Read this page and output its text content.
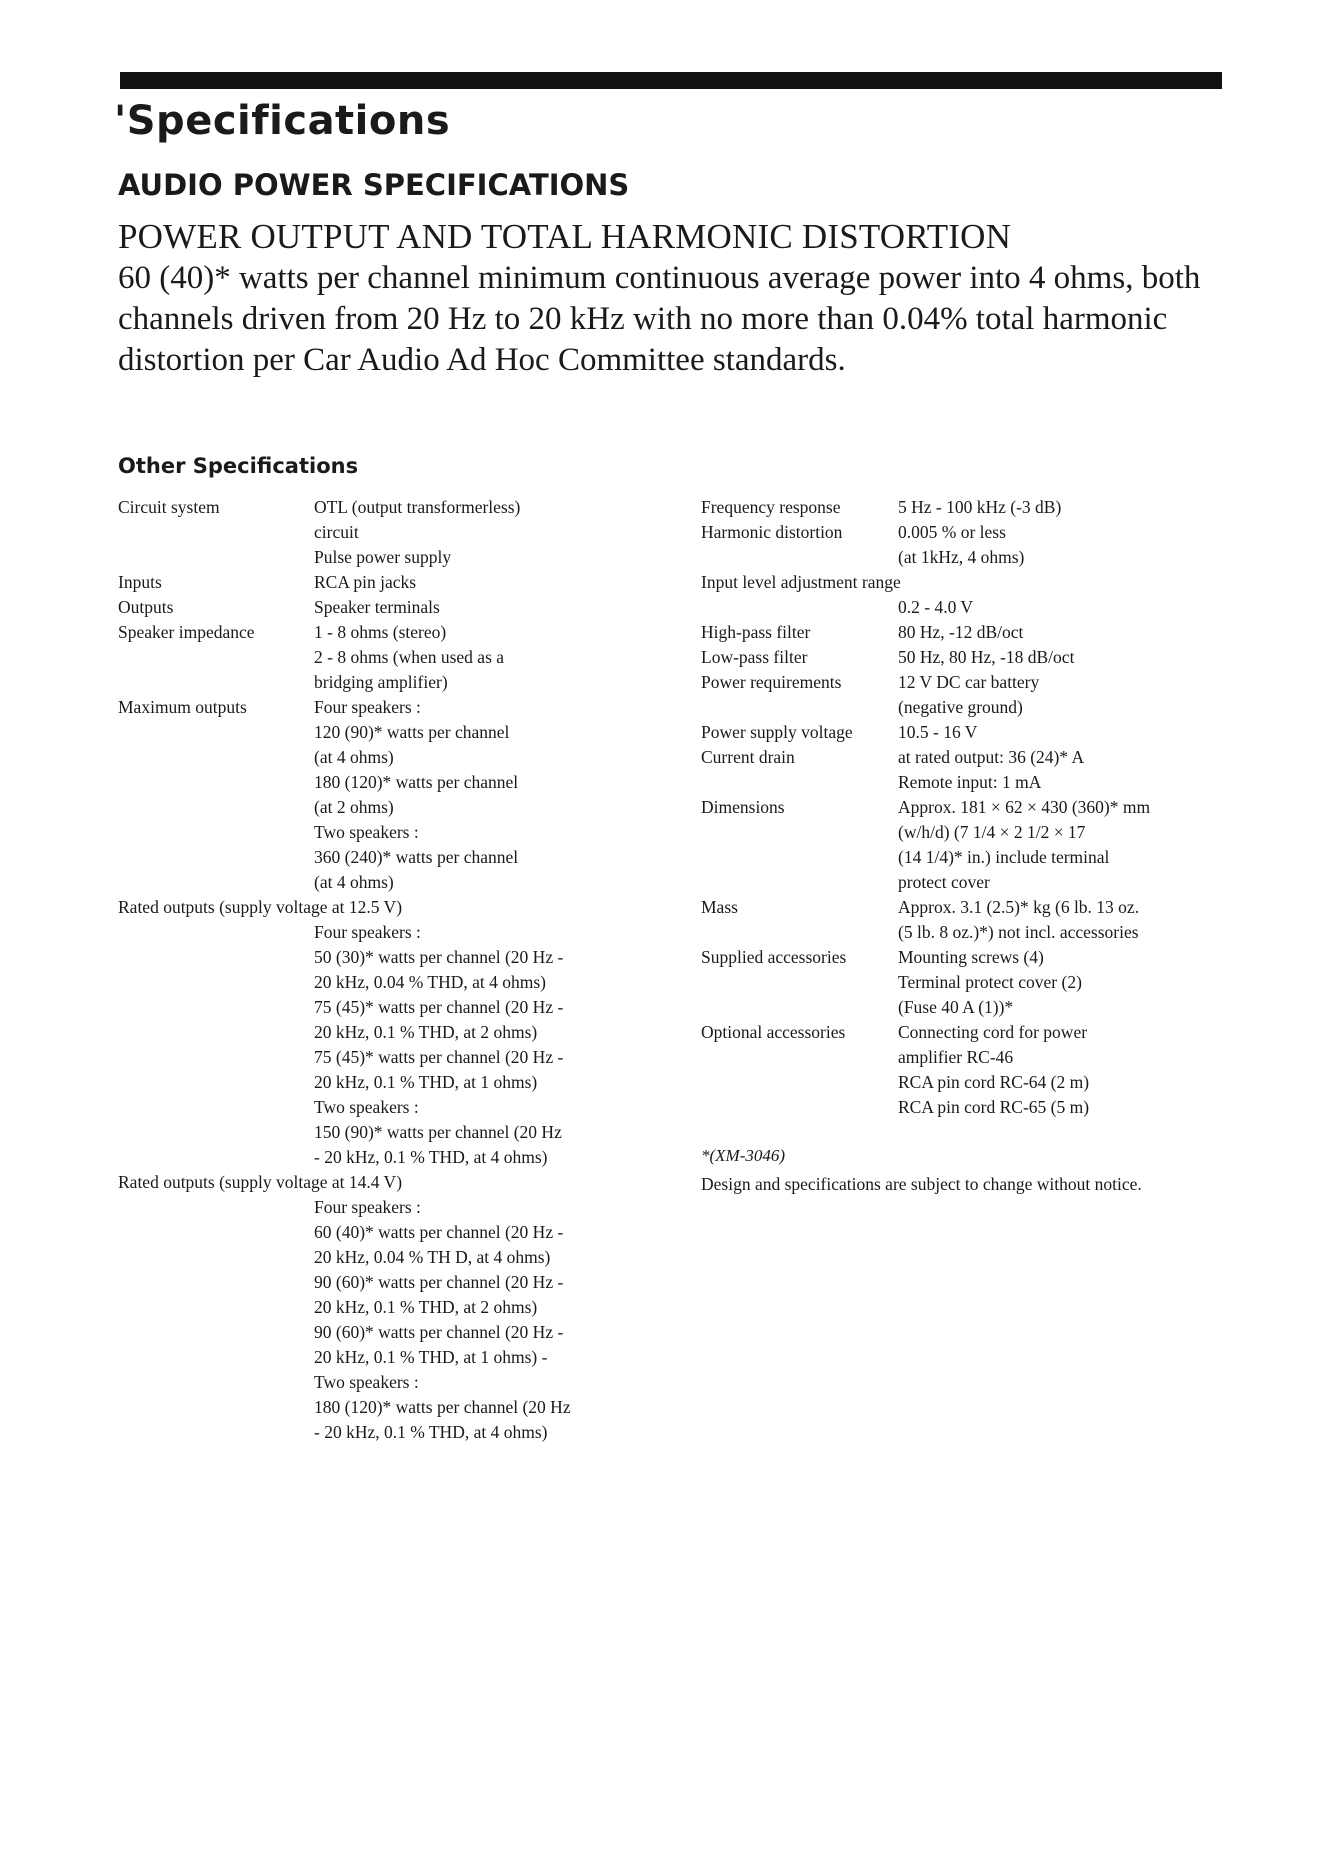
'Specifications
AUDIO POWER SPECIFICATIONS
POWER OUTPUT AND TOTAL HARMONIC DISTORTION

60 (40)* watts per channel minimum continuous average power into 4 ohms, both channels driven from 20 Hz to 20 kHz with no more than 0.04% total harmonic distortion per Car Audio Ad Hoc Committee standards.

Other Specifications
Circuit system	OTL (output transformerless)
circuit
Pulse power supply
Inputs	RCA pin jacks
Outputs	Speaker terminals
Speaker impedance	1 - 8 ohms (stereo)
2 - 8 ohms (when used as a
bridging amplifier)
Maximum outputs	Four speakers :
120 (90)* watts per channel
(at 4 ohms)
180 (120)* watts per channel
(at 2 ohms)
Two speakers :
360 (240)* watts per channel
(at 4 ohms)
Rated outputs (supply voltage at 12.5 V)
Four speakers :
50 (30)* watts per channel (20 Hz -
20 kHz, 0.04 % THD, at 4 ohms)
75 (45)* watts per channel (20 Hz -
20 kHz, 0.1 % THD, at 2 ohms)
75 (45)* watts per channel (20 Hz -
20 kHz, 0.1 % THD, at 1 ohms)
Two speakers :
150 (90)* watts per channel (20 Hz
- 20 kHz, 0.1 % THD, at 4 ohms)
Rated outputs (supply voltage at 14.4 V)
Four speakers :
60 (40)* watts per channel (20 Hz -
20 kHz, 0.04 % TH D, at 4 ohms)
90 (60)* watts per channel (20 Hz -
20 kHz, 0.1 % THD, at 2 ohms)
90 (60)* watts per channel (20 Hz -
20 kHz, 0.1 % THD, at 1 ohms) -
Two speakers :
180 (120)* watts per channel (20 Hz
- 20 kHz, 0.1 % THD, at 4 ohms)
Frequency response	5 Hz - 100 kHz (-3 dB)
Harmonic distortion	0.005 % or less
(at 1kHz, 4 ohms)
Input level adjustment range
0.2 - 4.0 V
High-pass filter	80 Hz, -12 dB/oct
Low-pass filter	50 Hz, 80 Hz, -18 dB/oct
Power requirements	12 V DC car battery
(negative ground)
Power supply voltage	10.5 - 16 V
Current drain	at rated output: 36 (24)* A
Remote input: 1 mA
Dimensions	Approx. 181 × 62 × 430 (360)* mm
(w/h/d) (7 1/4 × 2 1/2 × 17
(14 1/4)* in.) include terminal
protect cover
Mass	Approx. 3.1 (2.5)* kg (6 lb. 13 oz.
(5 lb. 8 oz.)*) not incl. accessories
Supplied accessories	Mounting screws (4)
Terminal protect cover (2)
(Fuse 40 A (1))*
Optional accessories	Connecting cord for power
amplifier RC-46
RCA pin cord RC-64 (2 m)
RCA pin cord RC-65 (5 m)
*(XM-3046)
Design and specifications are subject to change without notice.
